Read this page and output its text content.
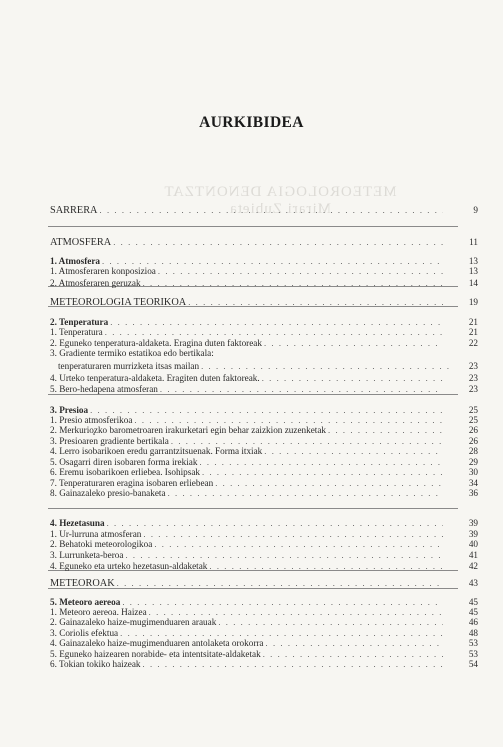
METEOROLOGIA DENONTZAT
Mirari Zubieta
AURKIBIDEA
SARRERA . . .	9
ATMOSFERA . . .	11
1. Atmosfera . . .	13
1. Atmosferaren konposizioa . . .	13
2. Atmosferaren geruzak . . .	14
METEOROLOGIA TEORIKOA . . .	19
2. Tenperatura . . .	21
1. Tenperatura . . .	21
2. Eguneko tenperatura-aldaketa. Eragina duten faktoreak . . .	22
3. Gradiente termiko estatikoa edo bertikala:
tenperaturaren murrizketa itsas mailan . . .	23
4. Urteko tenperatura-aldaketa. Eragiten duten faktoreak. . . .	23
5. Bero-hedapena atmosferan . . .	23
3. Presioa . . .	25
1. Presio atmosferikoa . . .	25
2. Merkurio̧zko barometroaren irakurketari egin behar zaizkion zuzenketak . . .	26
3. Presioaren gradiente bertikala . . .	26
4. Lerro isobarikoen eredu garrantzitsuenak. Forma itxiak . . .	28
5. Osagarri diren isobaren forma irekiak . . .	29
6. Eremu isobarikoen erliebea. Isohipsak . . .	30
7. Tenperaturaren eragina isobaren erliebean . . .	34
8. Gainazaleko presio-banaketa . . .	36
4. Hezetasuna . . .	39
1. Ur-lurruna atmosferan . . .	39
2. Behatoki meteorologikoa . . .	40
3. Lurrunketa-beroa . . .	41
4. Eguneko eta urteko hezetasun-aldaketak . . .	42
METEOROAK . . .	43
5. Meteoro aereoa . . .	45
1. Meteoro aereoa. Haizea . . .	45
2. Gainazaleko haize-mugimenduaren arauak . . .	46
3. Coriolis efektua . . .	48
4. Gainazaleko haize-mugimenduaren antolaketa orokorra . . .	53
5. Eguneko haizearen norabide- eta intentsitate-aldaketak . . .	53
6. Tokian tokiko haizeak . . .	54
